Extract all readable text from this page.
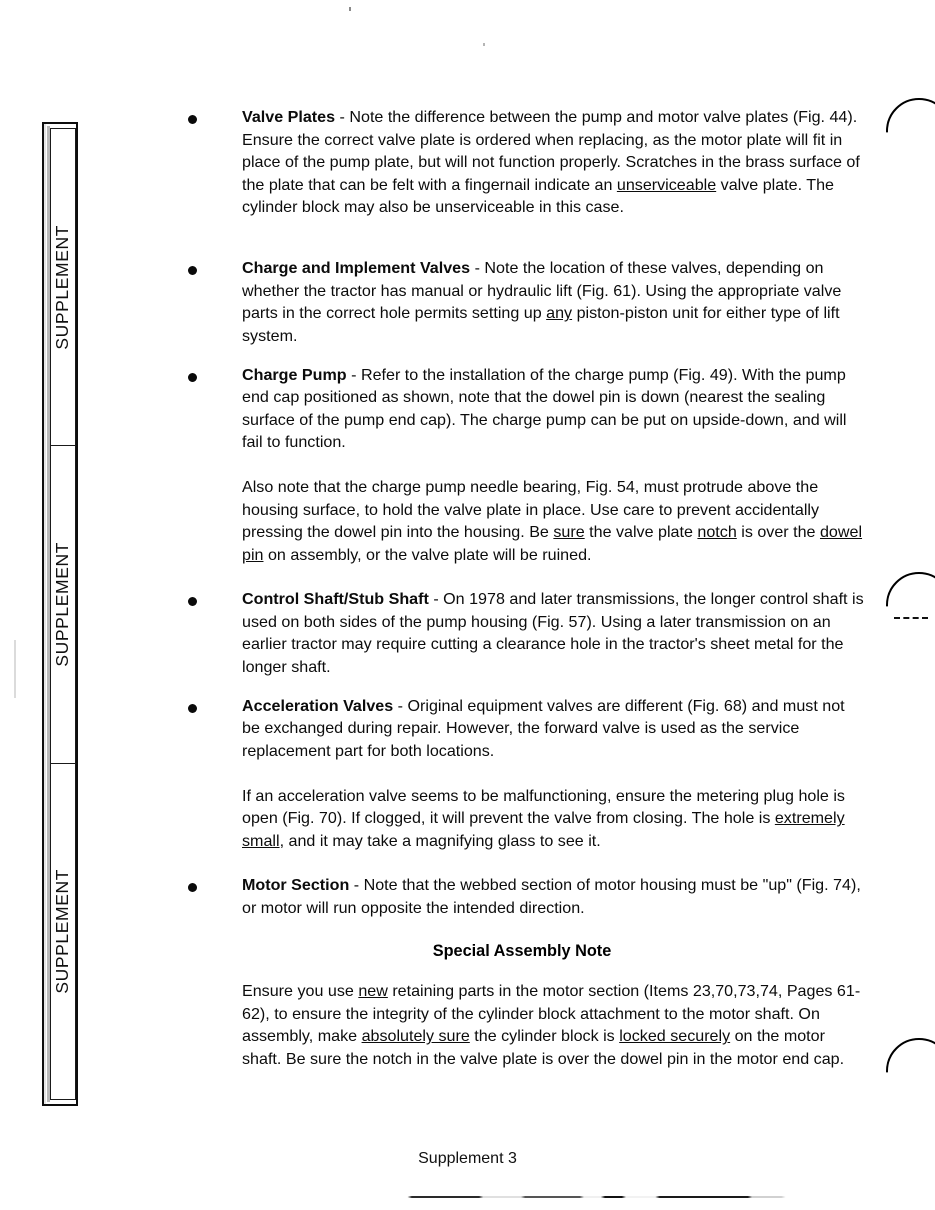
SUPPLEMENT
SUPPLEMENT
SUPPLEMENT

Valve Plates - Note the difference between the pump and motor valve plates (Fig. 44). Ensure the correct valve plate is ordered when replacing, as the motor plate will fit in place of the pump plate, but will not function properly. Scratches in the brass surface of the plate that can be felt with a fingernail indicate an unserviceable valve plate. The cylinder block may also be unserviceable in this case.

Charge and Implement Valves - Note the location of these valves, depending on whether the tractor has manual or hydraulic lift (Fig. 61). Using the appropriate valve parts in the correct hole permits setting up any piston-piston unit for either type of lift system.

Charge Pump - Refer to the installation of the charge pump (Fig. 49). With the pump end cap positioned as shown, note that the dowel pin is down (nearest the sealing surface of the pump end cap). The charge pump can be put on upside-down, and will fail to function.

Also note that the charge pump needle bearing, Fig. 54, must protrude above the housing surface, to hold the valve plate in place. Use care to prevent accidentally pressing the dowel pin into the housing. Be sure the valve plate notch is over the dowel pin on assembly, or the valve plate will be ruined.

Control Shaft/Stub Shaft - On 1978 and later transmissions, the longer control shaft is used on both sides of the pump housing (Fig. 57). Using a later transmission on an earlier tractor may require cutting a clearance hole in the tractor's sheet metal for the longer shaft.

Acceleration Valves - Original equipment valves are different (Fig. 68) and must not be exchanged during repair. However, the forward valve is used as the service replacement part for both locations.

If an acceleration valve seems to be malfunctioning, ensure the metering plug hole is open (Fig. 70). If clogged, it will prevent the valve from closing. The hole is extremely small, and it may take a magnifying glass to see it.

Motor Section - Note that the webbed section of motor housing must be "up" (Fig. 74), or motor will run opposite the intended direction.

Special Assembly Note

Ensure you use new retaining parts in the motor section (Items 23,70,73,74, Pages 61-62), to ensure the integrity of the cylinder block attachment to the motor shaft. On assembly, make absolutely sure the cylinder block is locked securely on the motor shaft. Be sure the notch in the valve plate is over the dowel pin in the motor end cap.

Supplement 3
